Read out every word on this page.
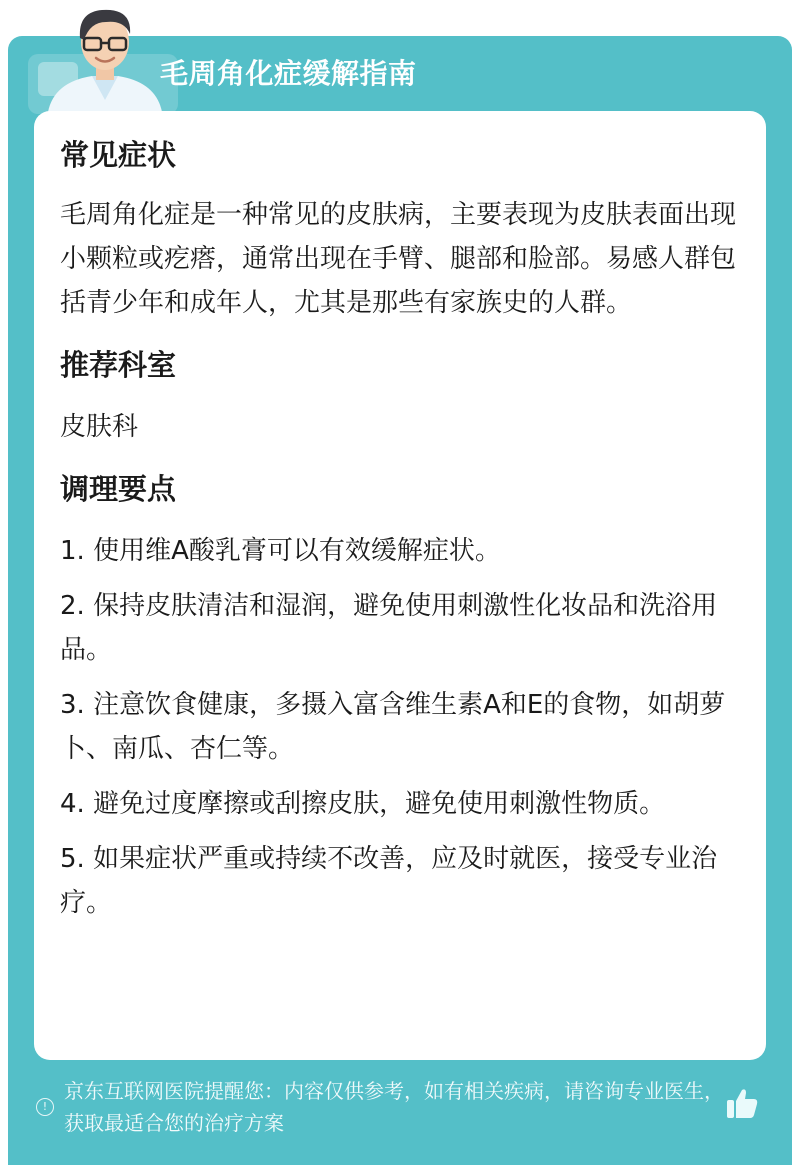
毛周角化症缓解指南
常见症状

毛周角化症是一种常见的皮肤病，主要表现为皮肤表面出现小颗粒或疙瘩，通常出现在手臂、腿部和脸部。易感人群包括青少年和成年人，尤其是那些有家族史的人群。

推荐科室

皮肤科

调理要点

1. 使用维A酸乳膏可以有效缓解症状。

2. 保持皮肤清洁和湿润，避免使用刺激性化妆品和洗浴用品。

3. 注意饮食健康，多摄入富含维生素A和E的食物，如胡萝卜、南瓜、杏仁等。

4. 避免过度摩擦或刮擦皮肤，避免使用刺激性物质。

5. 如果症状严重或持续不改善，应及时就医，接受专业治疗。

!
京东互联网医院提醒您：内容仅供参考，如有相关疾病，请咨询专业医生，获取最适合您的治疗方案
